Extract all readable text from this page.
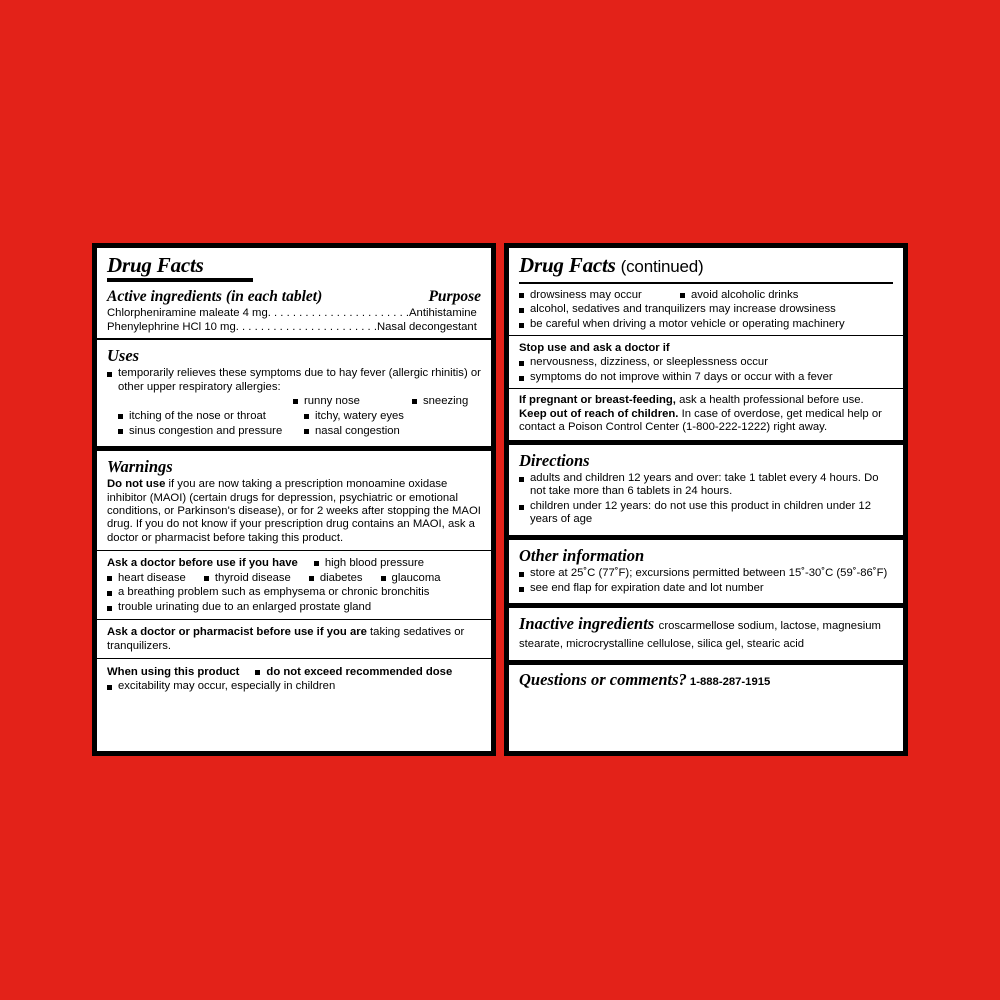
Drug Facts
Active ingredients (in each tablet)	Purpose
Chlorpheniramine maleate 4 mg. . . . . . . . . . . . . . . . . . . . . . .Antihistamine
Phenylephrine HCl 10 mg. . . . . . . . . . . . . . . . . . . . . . .Nasal decongestant
Uses
temporarily relieves these symptoms due to hay fever (allergic rhinitis) or other upper respiratory allergies:
runny nose	sneezing
itching of the nose or throat	itchy, watery eyes
sinus congestion and pressure	nasal congestion
Warnings
Do not use if you are now taking a prescription monoamine oxidase inhibitor (MAOI) (certain drugs for depression, psychiatric or emotional conditions, or Parkinson's disease), or for 2 weeks after stopping the MAOI drug. If you do not know if your prescription drug contains an MAOI, ask a doctor or pharmacist before taking this product.
Ask a doctor before use if you have	high blood pressure
heart disease	thyroid disease	diabetes	glaucoma
a breathing problem such as emphysema or chronic bronchitis
trouble urinating due to an enlarged prostate gland
Ask a doctor or pharmacist before use if you are taking sedatives or tranquilizers.
When using this product	do not exceed recommended dose
excitability may occur, especially in children
Drug Facts (continued)
drowsiness may occur	avoid alcoholic drinks
alcohol, sedatives and tranquilizers may increase drowsiness
be careful when driving a motor vehicle or operating machinery
Stop use and ask a doctor if
nervousness, dizziness, or sleeplessness occur
symptoms do not improve within 7 days or occur with a fever
If pregnant or breast-feeding, ask a health professional before use.
Keep out of reach of children. In case of overdose, get medical help or contact a Poison Control Center (1-800-222-1222) right away.
Directions
adults and children 12 years and over: take 1 tablet every 4 hours. Do not take more than 6 tablets in 24 hours.
children under 12 years: do not use this product in children under 12 years of age
Other information
store at 25˚C (77˚F); excursions permitted between 15˚-30˚C (59˚-86˚F)
see end flap for expiration date and lot number
Inactive ingredients croscarmellose sodium, lactose, magnesium stearate, microcrystalline cellulose, silica gel, stearic acid
Questions or comments? 1-888-287-1915
